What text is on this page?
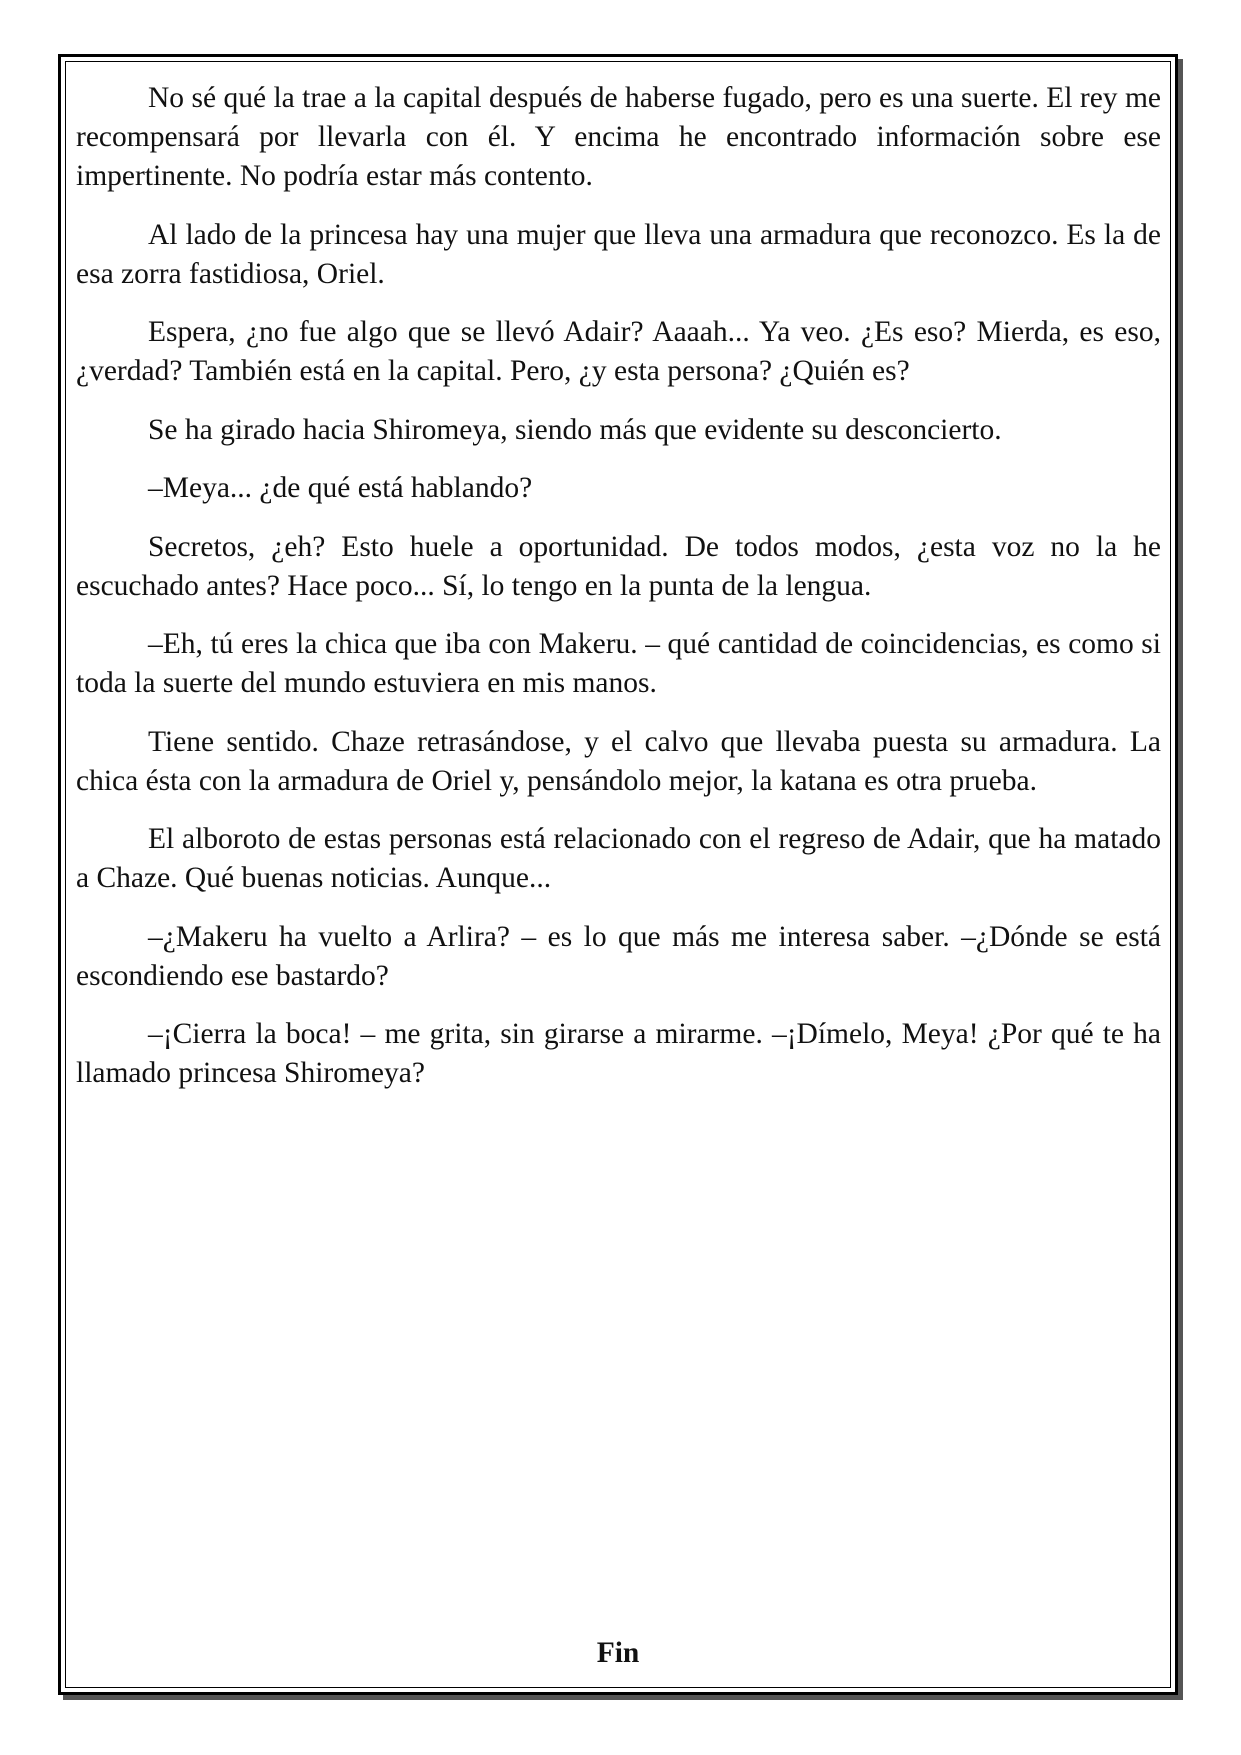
No sé qué la trae a la capital después de haberse fugado, pero es una suerte. El rey me recompensará por llevarla con él. Y encima he encontrado información sobre ese impertinente. No podría estar más contento.

Al lado de la princesa hay una mujer que lleva una armadura que reconozco. Es la de esa zorra fastidiosa, Oriel.

Espera, ¿no fue algo que se llevó Adair? Aaaah... Ya veo. ¿Es eso? Mierda, es eso, ¿verdad? También está en la capital. Pero, ¿y esta persona? ¿Quién es?

Se ha girado hacia Shiromeya, siendo más que evidente su desconcierto.

–Meya... ¿de qué está hablando?

Secretos, ¿eh? Esto huele a oportunidad. De todos modos, ¿esta voz no la he escuchado antes? Hace poco... Sí, lo tengo en la punta de la lengua.

–Eh, tú eres la chica que iba con Makeru. – qué cantidad de coincidencias, es como si toda la suerte del mundo estuviera en mis manos.

Tiene sentido. Chaze retrasándose, y el calvo que llevaba puesta su armadura. La chica ésta con la armadura de Oriel y, pensándolo mejor, la katana es otra prueba.

El alboroto de estas personas está relacionado con el regreso de Adair, que ha matado a Chaze. Qué buenas noticias. Aunque...

–¿Makeru ha vuelto a Arlira? – es lo que más me interesa saber. –¿Dónde se está escondiendo ese bastardo?

–¡Cierra la boca! – me grita, sin girarse a mirarme. –¡Dímelo, Meya! ¿Por qué te ha llamado princesa Shiromeya?

Fin
